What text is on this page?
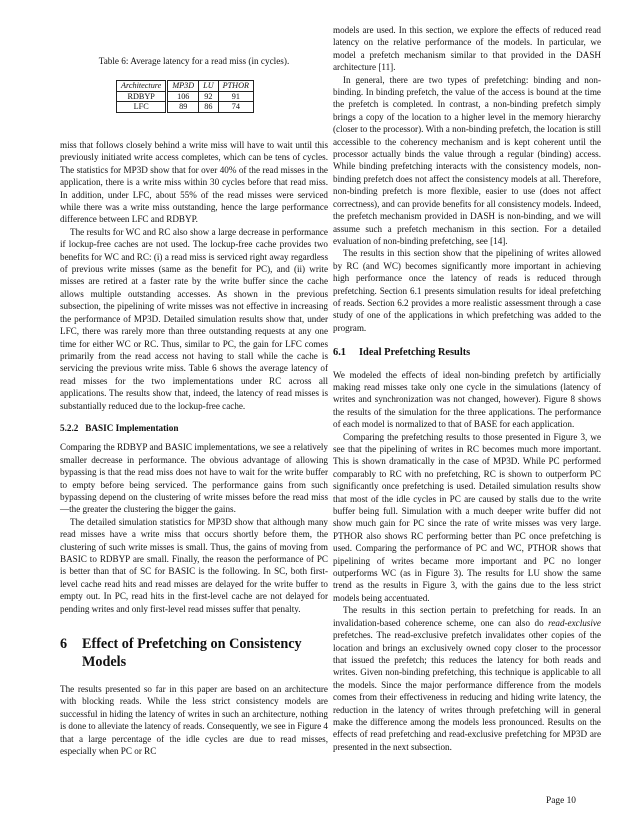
Table 6: Average latency for a read miss (in cycles).
Architecture	MP3D	LU	PTHOR
RDBYP	106	92	91
LFC	89	86	74

miss that follows closely behind a write miss will have to wait until this previously initiated write access completes, which can be tens of cycles. The statistics for MP3D show that for over 40% of the read misses in the application, there is a write miss within 30 cycles before that read miss. In addition, under LFC, about 55% of the read misses were serviced while there was a write miss outstanding, hence the large performance difference between LFC and RDBYP.

The results for WC and RC also show a large decrease in performance if lockup-free caches are not used. The lockup-free cache provides two benefits for WC and RC: (i) a read miss is serviced right away regardless of previous write misses (same as the benefit for PC), and (ii) write misses are retired at a faster rate by the write buffer since the cache allows multiple outstanding accesses. As shown in the previous subsection, the pipelining of write misses was not effective in increasing the performance of MP3D. Detailed simulation results show that, under LFC, there was rarely more than three outstanding requests at any one time for either WC or RC. Thus, similar to PC, the gain for LFC comes primarily from the read access not having to stall while the cache is servicing the previous write miss. Table 6 shows the average latency of read misses for the two implementations under RC across all applications. The results show that, indeed, the latency of read misses is substantially reduced due to the lockup-free cache.

5.2.2 BASIC Implementation

Comparing the RDBYP and BASIC implementations, we see a relatively smaller decrease in performance. The obvious advantage of allowing bypassing is that the read miss does not have to wait for the write buffer to empty before being serviced. The performance gains from such bypassing depend on the clustering of write misses before the read miss—the greater the clustering the bigger the gains.

The detailed simulation statistics for MP3D show that although many read misses have a write miss that occurs shortly before them, the clustering of such write misses is small. Thus, the gains of moving from BASIC to RDBYP are small. Finally, the reason the performance of PC is better than that of SC for BASIC is the following. In SC, both first-level cache read hits and read misses are delayed for the write buffer to empty out. In PC, read hits in the first-level cache are not delayed for pending writes and only first-level read misses suffer that penalty.

6	Effect of Prefetching on Consistency Models

The results presented so far in this paper are based on an architecture with blocking reads. While the less strict consistency models are successful in hiding the latency of writes in such an architecture, nothing is done to alleviate the latency of reads. Consequently, we see in Figure 4 that a large percentage of the idle cycles are due to read misses, especially when PC or RC

models are used. In this section, we explore the effects of reduced read latency on the relative performance of the models. In particular, we model a prefetch mechanism similar to that provided in the DASH architecture [11].

In general, there are two types of prefetching: binding and non-binding. In binding prefetch, the value of the access is bound at the time the prefetch is completed. In contrast, a non-binding prefetch simply brings a copy of the location to a higher level in the memory hierarchy (closer to the processor). With a non-binding prefetch, the location is still accessible to the coherency mechanism and is kept coherent until the processor actually binds the value through a regular (binding) access. While binding prefetching interacts with the consistency models, non-binding prefetch does not affect the consistency models at all. Therefore, non-binding prefetch is more flexible, easier to use (does not affect correctness), and can provide benefits for all consistency models. Indeed, the prefetch mechanism provided in DASH is non-binding, and we will assume such a prefetch mechanism in this section. For a detailed evaluation of non-binding prefetching, see [14].

The results in this section show that the pipelining of writes allowed by RC (and WC) becomes significantly more important in achieving high performance once the latency of reads is reduced through prefetching. Section 6.1 presents simulation results for ideal prefetching of reads. Section 6.2 provides a more realistic assessment through a case study of one of the applications in which prefetching was added to the program.

6.1	Ideal Prefetching Results

We modeled the effects of ideal non-binding prefetch by artificially making read misses take only one cycle in the simulations (latency of writes and synchronization was not changed, however). Figure 8 shows the results of the simulation for the three applications. The performance of each model is normalized to that of BASE for each application.

Comparing the prefetching results to those presented in Figure 3, we see that the pipelining of writes in RC becomes much more important. This is shown dramatically in the case of MP3D. While PC performed comparably to RC with no prefetching, RC is shown to outperform PC significantly once prefetching is used. Detailed simulation results show that most of the idle cycles in PC are caused by stalls due to the write buffer being full. Simulation with a much deeper write buffer did not show much gain for PC since the rate of write misses was very large. PTHOR also shows RC performing better than PC once prefetching is used. Comparing the performance of PC and WC, PTHOR shows that pipelining of writes became more important and PC no longer outperforms WC (as in Figure 3). The results for LU show the same trend as the results in Figure 3, with the gains due to the less strict models being accentuated.

The results in this section pertain to prefetching for reads. In an invalidation-based coherence scheme, one can also do read-exclusive prefetches. The read-exclusive prefetch invalidates other copies of the location and brings an exclusively owned copy closer to the processor that issued the prefetch; this reduces the latency for both reads and writes. Given non-binding prefetching, this technique is applicable to all the models. Since the major performance difference from the models comes from their effectiveness in reducing and hiding write latency, the reduction in the latency of writes through prefetching will in general make the difference among the models less pronounced. Results on the effects of read prefetching and read-exclusive prefetching for MP3D are presented in the next subsection.

Page 10
